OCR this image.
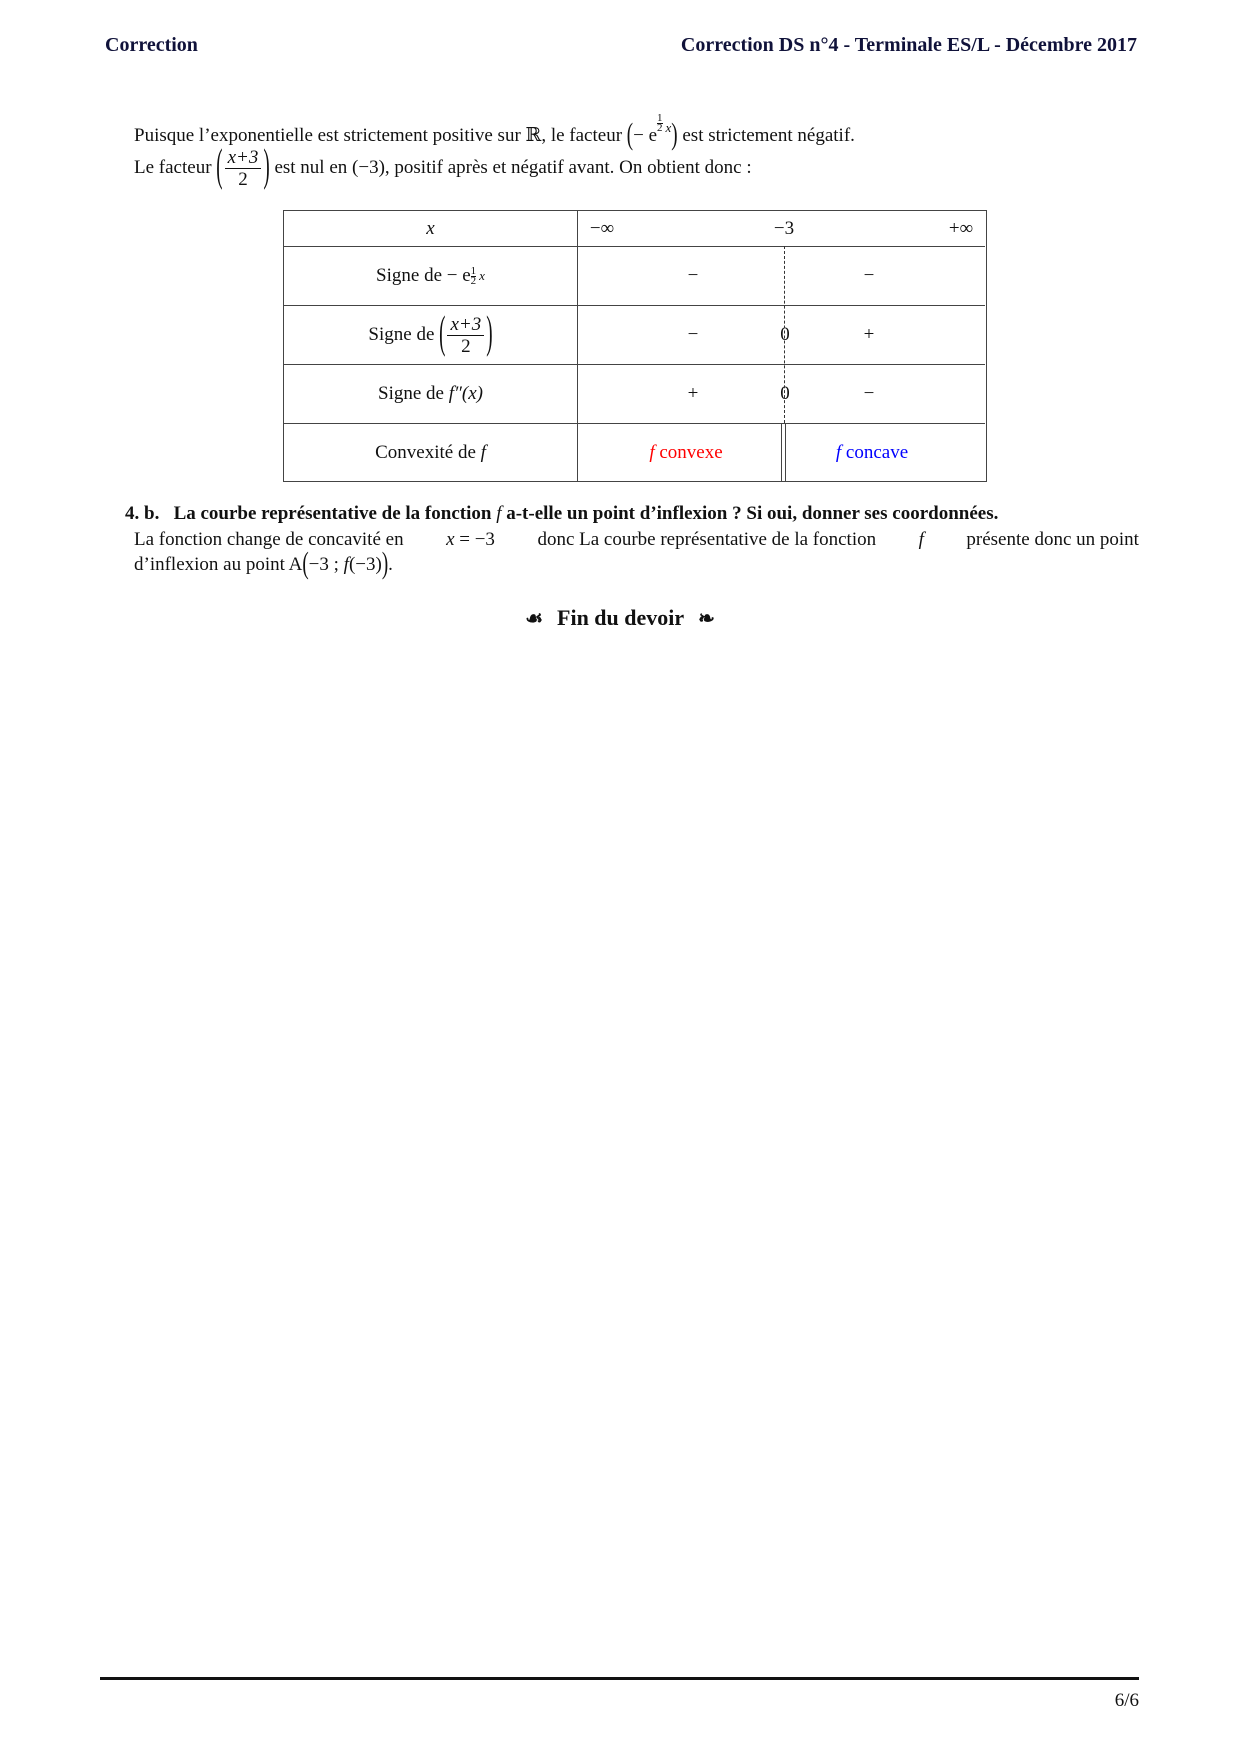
Correction	Correction DS n°4 - Terminale ES/L - Décembre 2017
Puisque l’exponentielle est strictement positive sur ℝ, le facteur (− e
$\frac{1}{2} ^x$) est strictement négatif.
Le facteur
( $\frac{x+3}{2}$ )
est nul en (−3), positif après et négatif avant. On obtient donc :
x	−∞	−3	+∞
Signe de − e $\frac{1}{2}$ x	−	−
Signe de
( $\frac{x+3}{2}$ )	−	0	+
Signe de
f″(x)	+	0	−
Convexité de
f	f convexe	f concave
4. b. La courbe représentative de la fonction f a-t-elle un point d’inflexion ? Si oui, donner ses coordonnées.
La fonction change de concavité en x = −3 donc La courbe représentative de la fonction f présente donc un point
d’inflexion au point A(−3 ; f(−3)).
☙ Fin du devoir ❧
6/6
